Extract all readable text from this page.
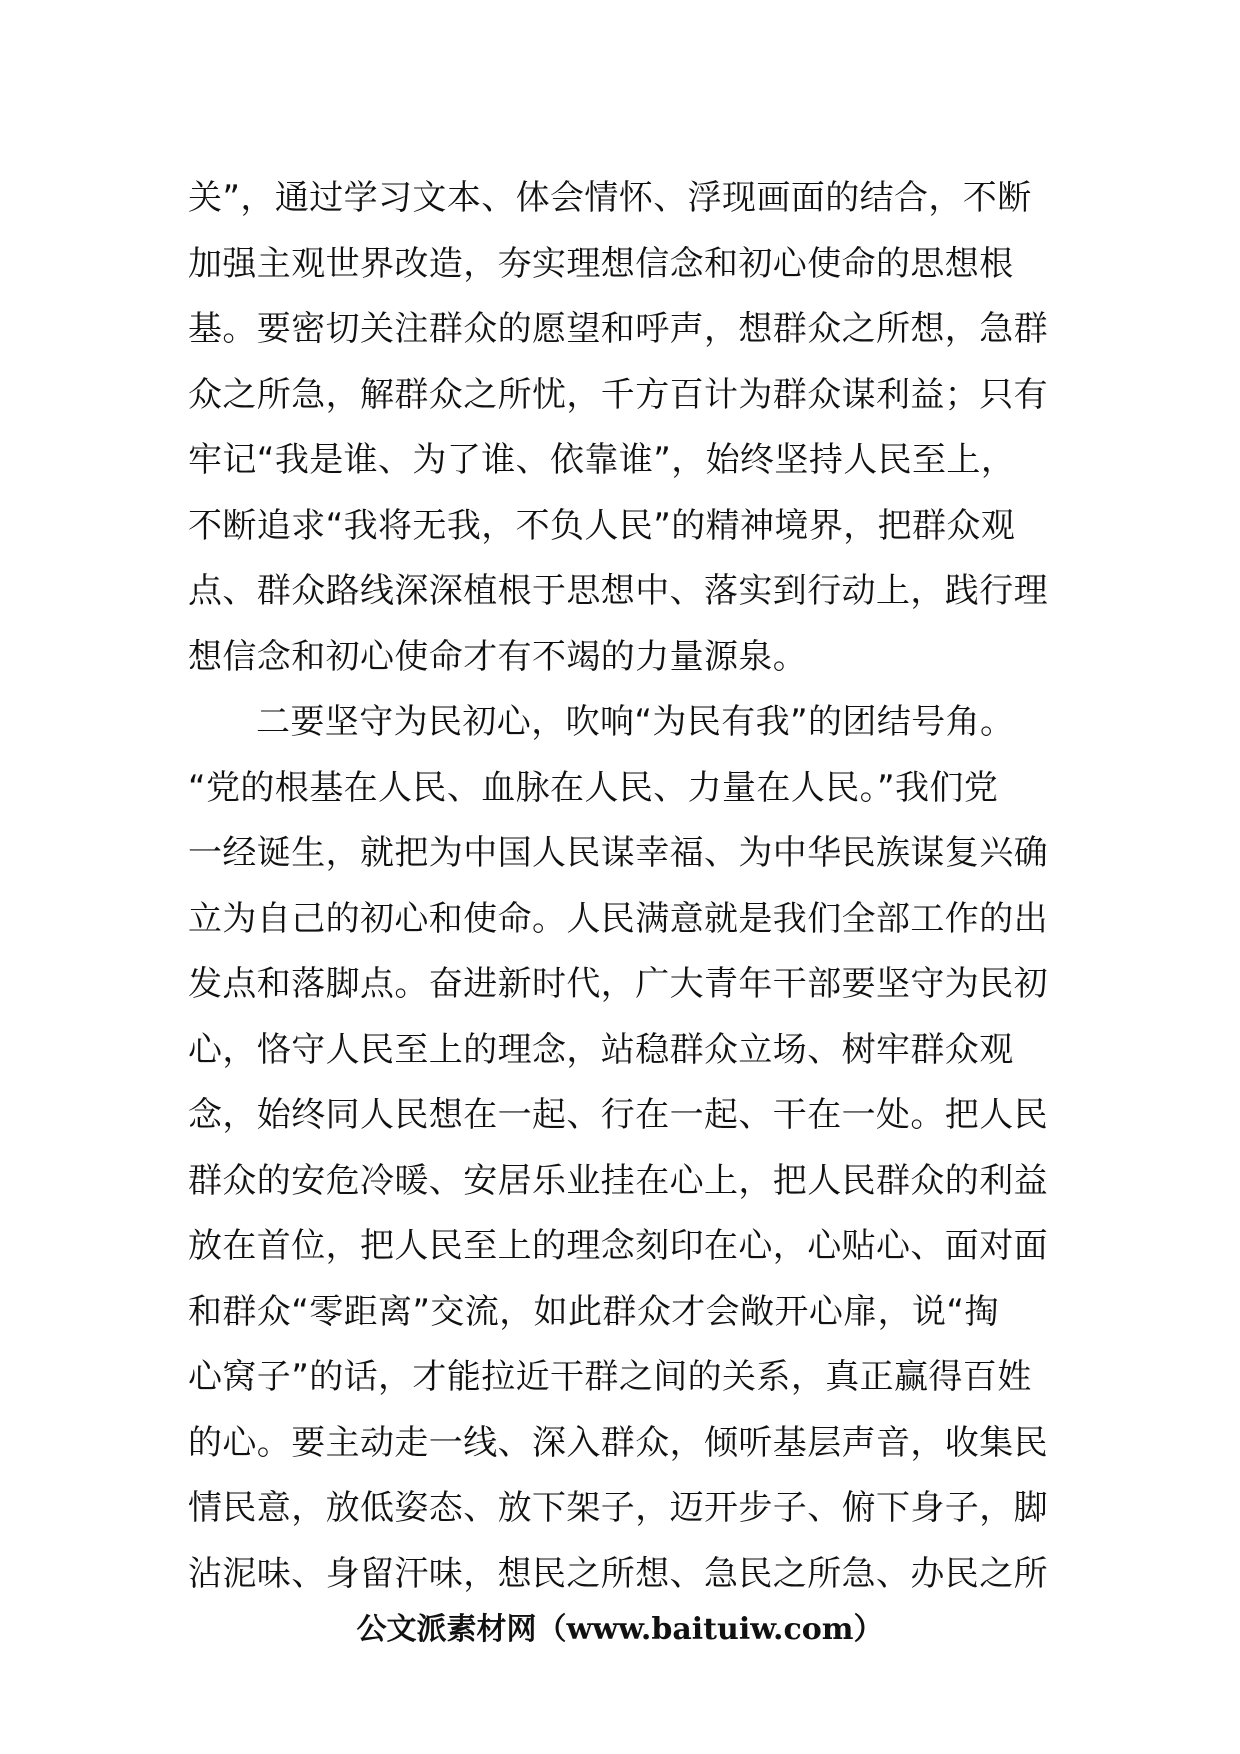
关”，通过学习文本、体会情怀、浮现画面的结合，不断
加强主观世界改造，夯实理想信念和初心使命的思想根
基。要密切关注群众的愿望和呼声，想群众之所想，急群
众之所急，解群众之所忧，千方百计为群众谋利益；只有
牢记“我是谁、为了谁、依靠谁”，始终坚持人民至上，
不断追求“我将无我，不负人民”的精神境界，把群众观
点、群众路线深深植根于思想中、落实到行动上，践行理
想信念和初心使命才有不竭的力量源泉。
二要坚守为民初心，吹响“为民有我”的团结号角。
“党的根基在人民、血脉在人民、力量在人民。”我们党
一经诞生，就把为中国人民谋幸福、为中华民族谋复兴确
立为自己的初心和使命。人民满意就是我们全部工作的出
发点和落脚点。奋进新时代，广大青年干部要坚守为民初
心，恪守人民至上的理念，站稳群众立场、树牢群众观
念，始终同人民想在一起、行在一起、干在一处。把人民
群众的安危冷暖、安居乐业挂在心上，把人民群众的利益
放在首位，把人民至上的理念刻印在心，心贴心、面对面
和群众“零距离”交流，如此群众才会敞开心扉，说“掏
心窝子”的话，才能拉近干群之间的关系，真正赢得百姓
的心。要主动走一线、深入群众，倾听基层声音，收集民
情民意，放低姿态、放下架子，迈开步子、俯下身子，脚
沾泥味、身留汗味，想民之所想、急民之所急、办民之所
公文派素材网（www.baituiw.com）
